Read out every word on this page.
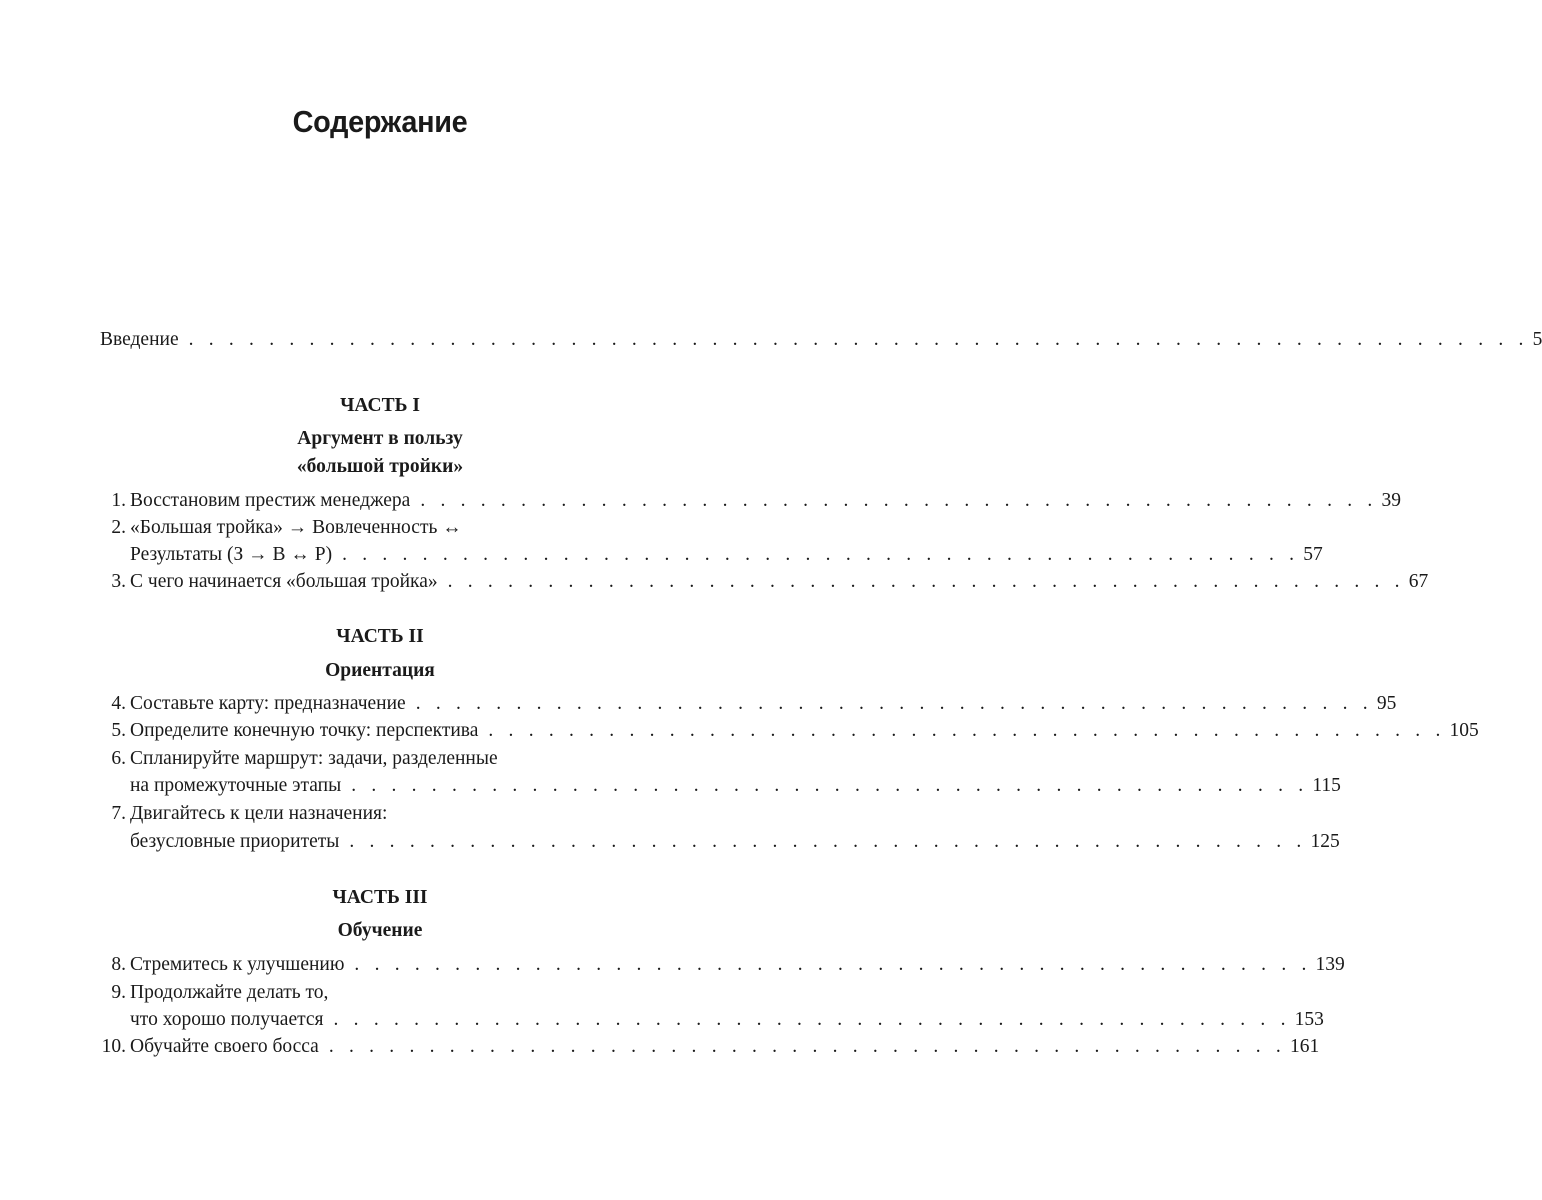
Содержание
Введение . . . . . . . . . . . . . . . . . . . . . . . . . . . . . . . . . . . . . . . . . . . . . . . . . . . . . . . . . . . . . . . . . . . 5
ЧАСТЬ I
Аргумент в пользу
«большой тройки»
1. Восстановим престиж менеджера . . . . . . . . . . . . . . . . . . . . . . . . . . . . . . . . . . . . . . . . . . . . . . . . 39
2. «Большая тройка» → Вовлеченность ↔
Результаты (З → В ↔ Р) . . . . . . . . . . . . . . . . . . . . . . . . . . . . . . . . . . . . . . . . . . . . . . . . 57
3. С чего начинается «большая тройка» . . . . . . . . . . . . . . . . . . . . . . . . . . . . . . . . . . . . . . . . . . . . . . . . 67
ЧАСТЬ II
Ориентация
4. Составьте карту: предназначение . . . . . . . . . . . . . . . . . . . . . . . . . . . . . . . . . . . . . . . . . . . . . . . . 95
5. Определите конечную точку: перспектива . . . . . . . . . . . . . . . . . . . . . . . . . . . . . . . . . . . . . . . . . . . . . . . . 105
6. Спланируйте маршрут: задачи, разделенные
на промежуточные этапы . . . . . . . . . . . . . . . . . . . . . . . . . . . . . . . . . . . . . . . . . . . . . . . . 115
7. Двигайтесь к цели назначения:
безусловные приоритеты . . . . . . . . . . . . . . . . . . . . . . . . . . . . . . . . . . . . . . . . . . . . . . . . 125
ЧАСТЬ III
Обучение
8. Стремитесь к улучшению . . . . . . . . . . . . . . . . . . . . . . . . . . . . . . . . . . . . . . . . . . . . . . . . 139
9. Продолжайте делать то,
что хорошо получается . . . . . . . . . . . . . . . . . . . . . . . . . . . . . . . . . . . . . . . . . . . . . . . . 153
10. Обучайте своего босса . . . . . . . . . . . . . . . . . . . . . . . . . . . . . . . . . . . . . . . . . . . . . . . . 161
